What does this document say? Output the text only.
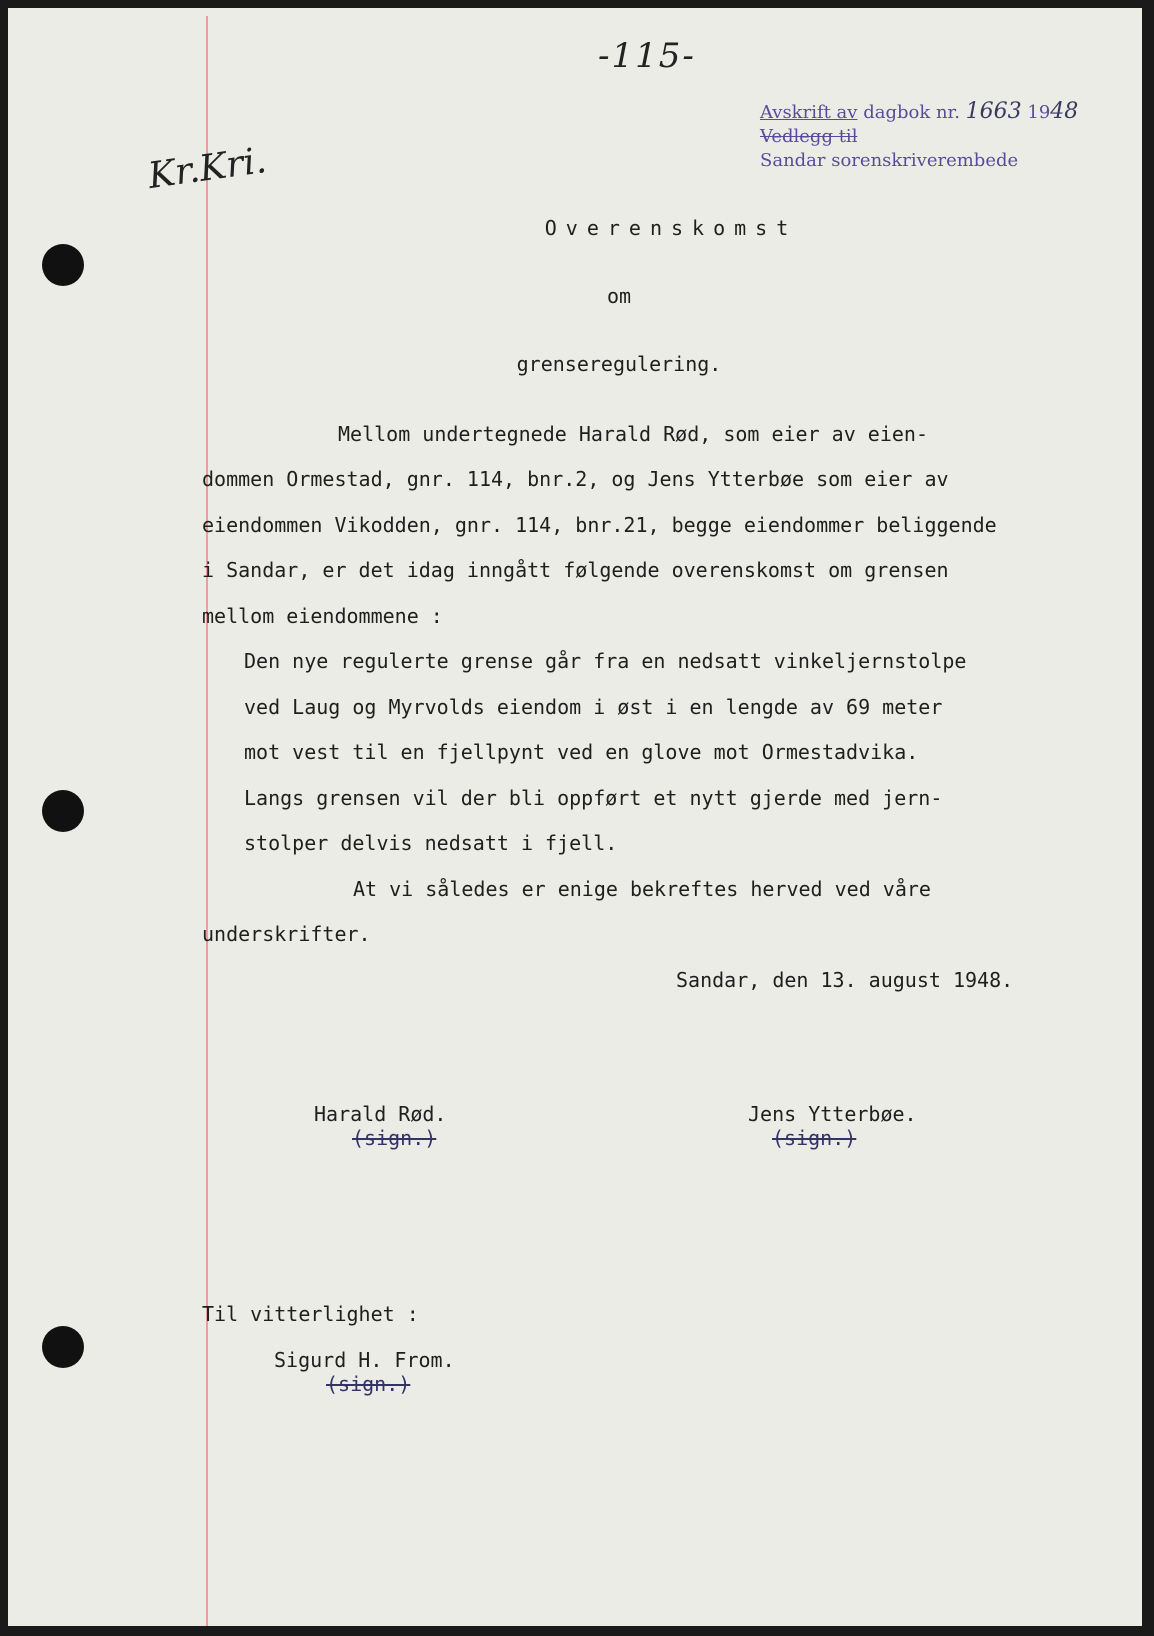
-115-
Avskrift av dagbok nr. 1663 1948
Vedlegg til
Sandar sorenskriverembede
Kr.Kri.
Overenskomst
om
grenseregulering.
Mellom undertegnede Harald Rød, som eier av eien-
dommen Ormestad, gnr. 114, bnr.2, og Jens Ytterbøe som eier av
eiendommen Vikodden, gnr. 114, bnr.21, begge eiendommer beliggende
i Sandar, er det idag inngått følgende overenskomst om grensen
mellom eiendommene :
Den nye regulerte grense går fra en nedsatt vinkeljernstolpe
ved Laug og Myrvolds eiendom i øst i en lengde av 69 meter
mot vest til en fjellpynt ved en glove mot Ormestadvika.
Langs grensen vil der bli oppført et nytt gjerde med jern-
stolper delvis nedsatt i fjell.
At vi således er enige bekreftes herved ved våre
underskrifter.
Sandar, den 13. august 1948.
Harald Rød.
(sign.)
Jens Ytterbøe.
(sign.)
Til vitterlighet :
Sigurd H. From.
(sign.)
